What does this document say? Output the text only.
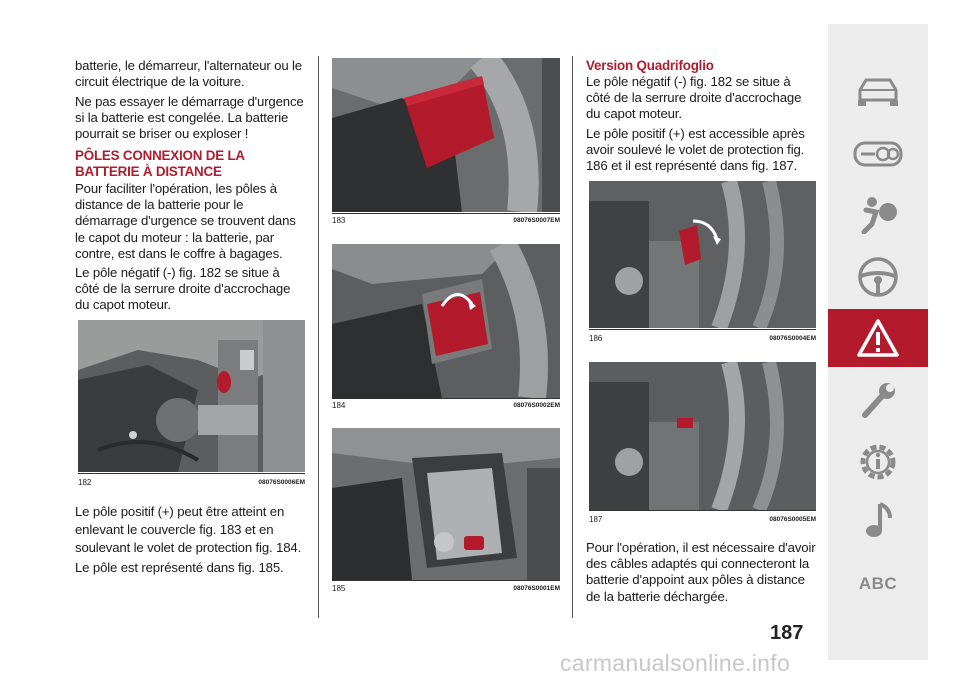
batterie, le démarreur, l'alternateur ou le circuit électrique de la voiture.

Ne pas essayer le démarrage d'urgence si la batterie est congelée. La batterie pourrait se briser ou exploser !

PÔLES CONNEXION DE LA BATTERIE À DISTANCE

Pour faciliter l'opération, les pôles à distance de la batterie pour le démarrage d'urgence se trouvent dans le capot du moteur : la batterie, par contre, est dans le coffre à bagages.

Le pôle négatif (-) fig. 182 se situe à côté de la serrure droite d'accrochage du capot moteur.

182	08076S0006EM

Le pôle positif (+) peut être atteint en enlevant le couvercle fig. 183 et en soulevant le volet de protection fig. 184.

Le pôle est représenté dans fig. 185.

183	08076S0007EM
184	08076S0002EM
185	08076S0001EM

Version Quadrifoglio

Le pôle négatif (-) fig. 182 se situe à côté de la serrure droite d'accrochage du capot moteur.

Le pôle positif (+) est accessible après avoir soulevé le volet de protection fig. 186 et il est représenté dans fig. 187.

186	08076S0004EM
187	08076S0005EM

Pour l'opération, il est nécessaire d'avoir des câbles adaptés qui connecteront la batterie d'appoint aux pôles à distance de la batterie déchargée.

187
ABC
carmanualsonline.info
